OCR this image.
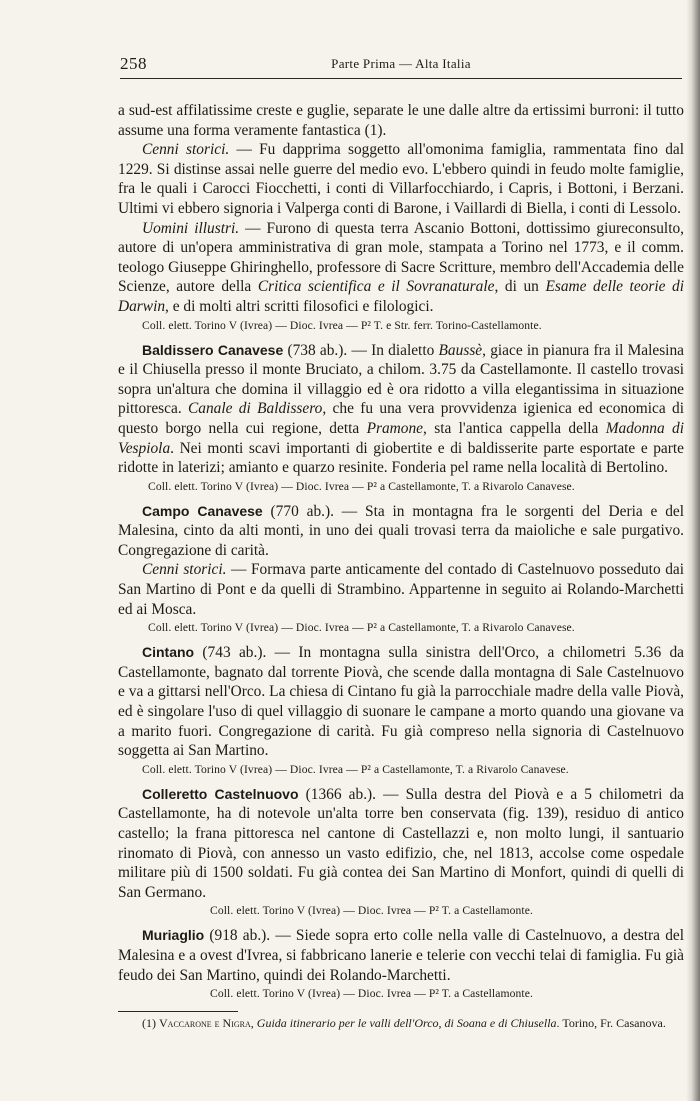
258	Parte Prima — Alta Italia

a sud-est affilatissime creste e guglie, separate le une dalle altre da ertissimi burroni: il tutto assume una forma veramente fantastica (1).

Cenni storici. — Fu dapprima soggetto all'omonima famiglia, rammentata fino dal 1229. Si distinse assai nelle guerre del medio evo. L'ebbero quindi in feudo molte famiglie, fra le quali i Carocci Fiocchetti, i conti di Villarfocchiardo, i Capris, i Bottoni, i Berzani. Ultimi vi ebbero signoria i Valperga conti di Barone, i Vaillardi di Biella, i conti di Lessolo.

Uomini illustri. — Furono di questa terra Ascanio Bottoni, dottissimo giureconsulto, autore di un'opera amministrativa di gran mole, stampata a Torino nel 1773, e il comm. teologo Giuseppe Ghiringhello, professore di Sacre Scritture, membro dell'Accademia delle Scienze, autore della Critica scientifica e il Sovranaturale, di un Esame delle teorie di Darwin, e di molti altri scritti filosofici e filologici.

Coll. elett. Torino V (Ivrea) — Dioc. Ivrea — P² T. e Str. ferr. Torino-Castellamonte.

Baldissero Canavese (738 ab.). — In dialetto Baussè, giace in pianura fra il Malesina e il Chiusella presso il monte Bruciato, a chilom. 3.75 da Castellamonte. Il castello trovasi sopra un'altura che domina il villaggio ed è ora ridotto a villa elegantissima in situazione pittoresca. Canale di Baldissero, che fu una vera provvidenza igienica ed economica di questo borgo nella cui regione, detta Pramone, sta l'antica cappella della Madonna di Vespiola. Nei monti scavi importanti di giobertite e di baldisserite parte esportate e parte ridotte in laterizi; amianto e quarzo resinite. Fonderia pel rame nella località di Bertolino.

Coll. elett. Torino V (Ivrea) — Dioc. Ivrea — P² a Castellamonte, T. a Rivarolo Canavese.

Campo Canavese (770 ab.). — Sta in montagna fra le sorgenti del Deria e del Malesina, cinto da alti monti, in uno dei quali trovasi terra da maioliche e sale purgativo. Congregazione di carità.

Cenni storici. — Formava parte anticamente del contado di Castelnuovo posseduto dai San Martino di Pont e da quelli di Strambino. Appartenne in seguito ai Rolando-Marchetti ed ai Mosca.

Coll. elett. Torino V (Ivrea) — Dioc. Ivrea — P² a Castellamonte, T. a Rivarolo Canavese.

Cintano (743 ab.). — In montagna sulla sinistra dell'Orco, a chilometri 5.36 da Castellamonte, bagnato dal torrente Piovà, che scende dalla montagna di Sale Castelnuovo e va a gittarsi nell'Orco. La chiesa di Cintano fu già la parrocchiale madre della valle Piovà, ed è singolare l'uso di quel villaggio di suonare le campane a morto quando una giovane va a marito fuori. Congregazione di carità. Fu già compreso nella signoria di Castelnuovo soggetta ai San Martino.

Coll. elett. Torino V (Ivrea) — Dioc. Ivrea — P² a Castellamonte, T. a Rivarolo Canavese.

Colleretto Castelnuovo (1366 ab.). — Sulla destra del Piovà e a 5 chilometri da Castellamonte, ha di notevole un'alta torre ben conservata (fig. 139), residuo di antico castello; la frana pittoresca nel cantone di Castellazzi e, non molto lungi, il santuario rinomato di Piovà, con annesso un vasto edifizio, che, nel 1813, accolse come ospedale militare più di 1500 soldati. Fu già contea dei San Martino di Monfort, quindi di quelli di San Germano.

Coll. elett. Torino V (Ivrea) — Dioc. Ivrea — P² T. a Castellamonte.

Muriaglio (918 ab.). — Siede sopra erto colle nella valle di Castelnuovo, a destra del Malesina e a ovest d'Ivrea, si fabbricano lanerie e telerie con vecchi telai di famiglia. Fu già feudo dei San Martino, quindi dei Rolando-Marchetti.

Coll. elett. Torino V (Ivrea) — Dioc. Ivrea — P² T. a Castellamonte.

(1) Vaccarone e Nigra, Guida itinerario per le valli dell'Orco, di Soana e di Chiusella. Torino, Fr. Casanova.
